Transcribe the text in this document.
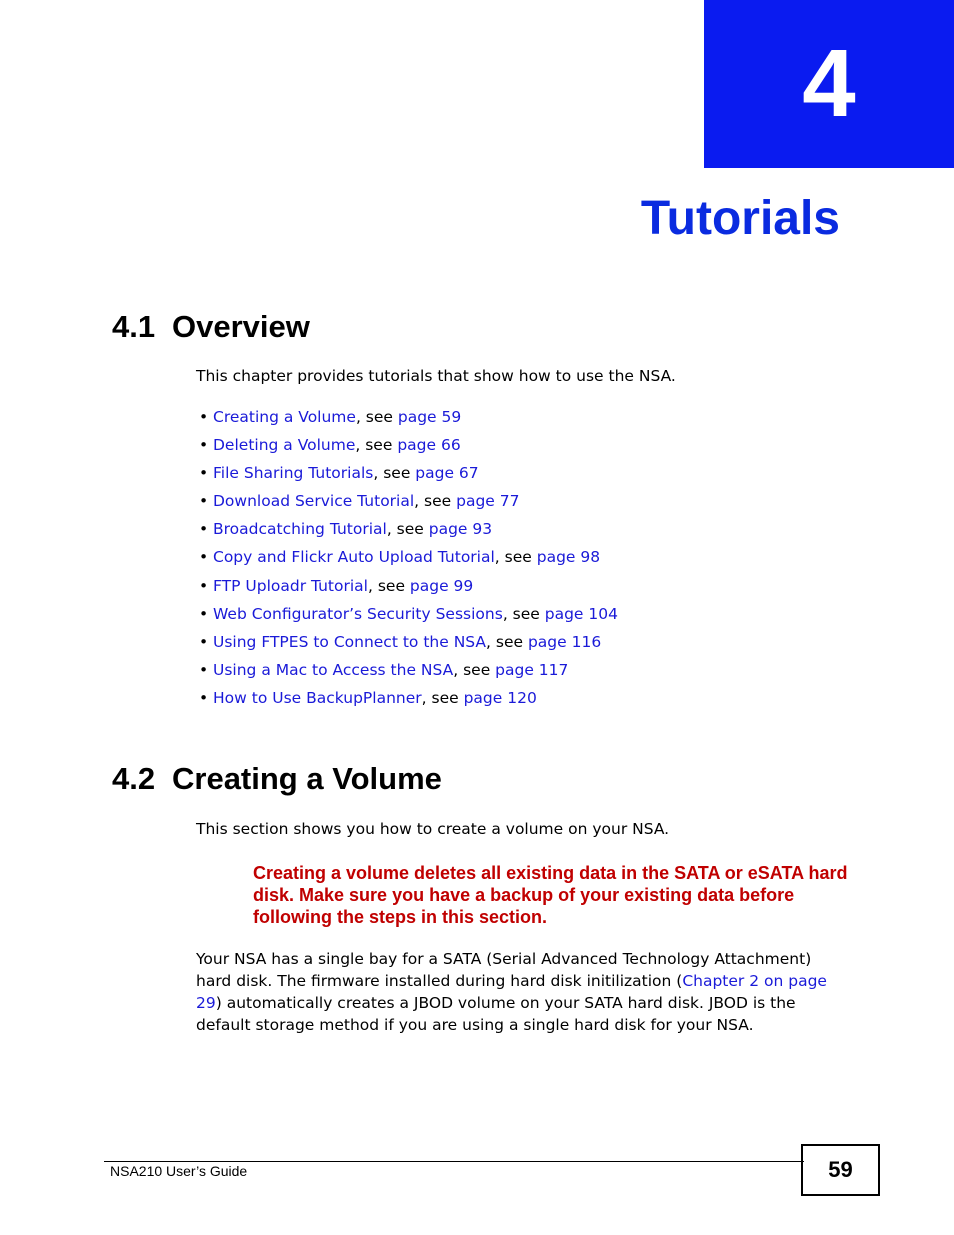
4
Tutorials
4.1 Overview

This chapter provides tutorials that show how to use the NSA.

• Creating a Volume, see page 59
• Deleting a Volume, see page 66
• File Sharing Tutorials, see page 67
• Download Service Tutorial, see page 77
• Broadcatching Tutorial, see page 93
• Copy and Flickr Auto Upload Tutorial, see page 98
• FTP Uploadr Tutorial, see page 99
• Web Configurator’s Security Sessions, see page 104
• Using FTPES to Connect to the NSA, see page 116
• Using a Mac to Access the NSA, see page 117
• How to Use BackupPlanner, see page 120
4.2 Creating a Volume

This section shows you how to create a volume on your NSA.

Creating a volume deletes all existing data in the SATA or eSATA hard disk. Make sure you have a backup of your existing data before following the steps in this section.

Your NSA has a single bay for a SATA (Serial Advanced Technology Attachment) hard disk. The firmware installed during hard disk initilization (Chapter 2 on page 29) automatically creates a JBOD volume on your SATA hard disk. JBOD is the default storage method if you are using a single hard disk for your NSA.

NSA210 User’s Guide	59
